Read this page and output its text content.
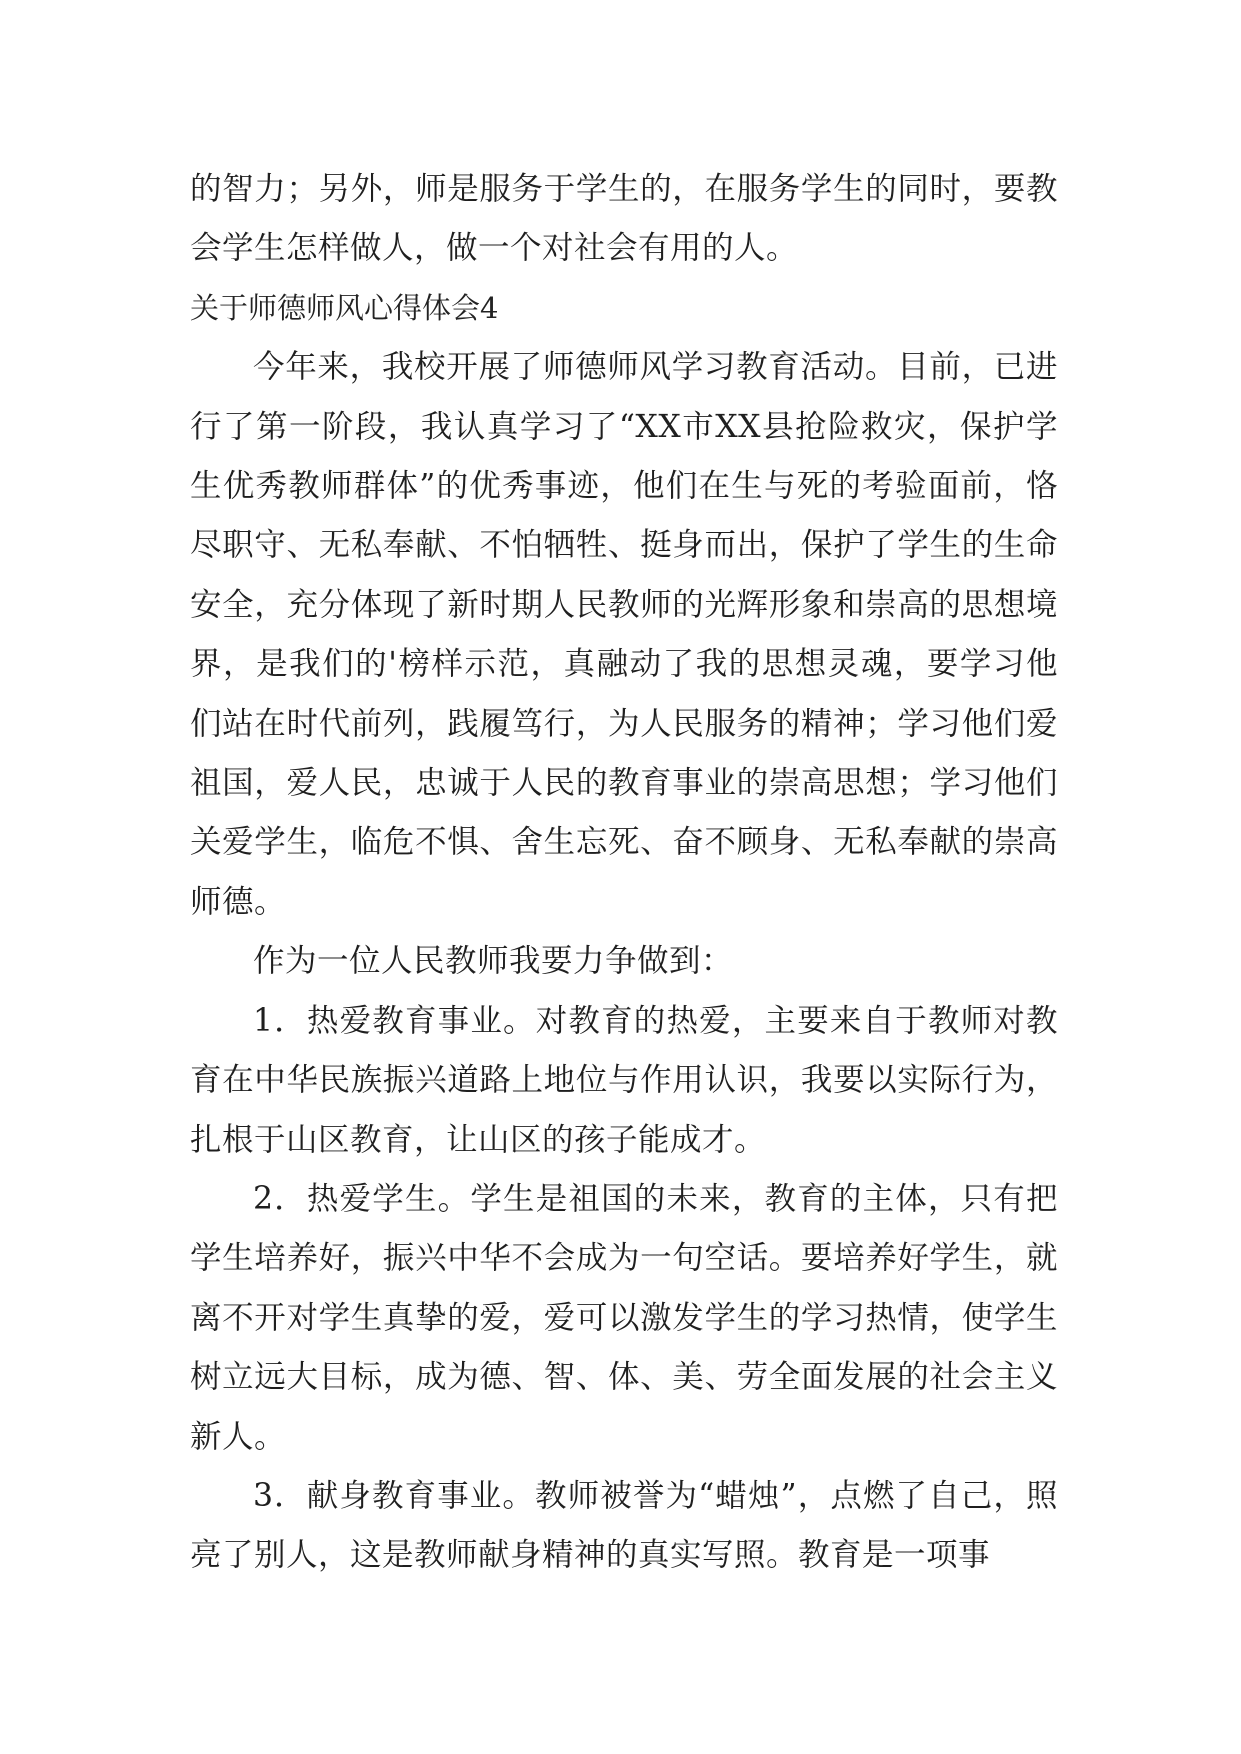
的智力；另外，师是服务于学生的，在服务学生的同时，要教会学生怎样做人，做一个对社会有用的人。

关于师德师风心得体会4

今年来，我校开展了师德师风学习教育活动。目前，已进行了第一阶段，我认真学习了“XX市XX县抢险救灾，保护学生优秀教师群体”的优秀事迹，他们在生与死的考验面前，恪尽职守、无私奉献、不怕牺牲、挺身而出，保护了学生的生命安全，充分体现了新时期人民教师的光辉形象和崇高的思想境界，是我们的'榜样示范，真融动了我的思想灵魂，要学习他们站在时代前列，践履笃行，为人民服务的精神；学习他们爱祖国，爱人民，忠诚于人民的教育事业的崇高思想；学习他们关爱学生，临危不惧、舍生忘死、奋不顾身、无私奉献的崇高师德。

作为一位人民教师我要力争做到：

1．热爱教育事业。对教育的热爱，主要来自于教师对教育在中华民族振兴道路上地位与作用认识，我要以实际行为，扎根于山区教育，让山区的孩子能成才。

2．热爱学生。学生是祖国的未来，教育的主体，只有把学生培养好，振兴中华不会成为一句空话。要培养好学生，就离不开对学生真挚的爱，爱可以激发学生的学习热情，使学生树立远大目标，成为德、智、体、美、劳全面发展的社会主义新人。

3．献身教育事业。教师被誉为“蜡烛”，点燃了自己，照亮了别人，这是教师献身精神的真实写照。教育是一项事
